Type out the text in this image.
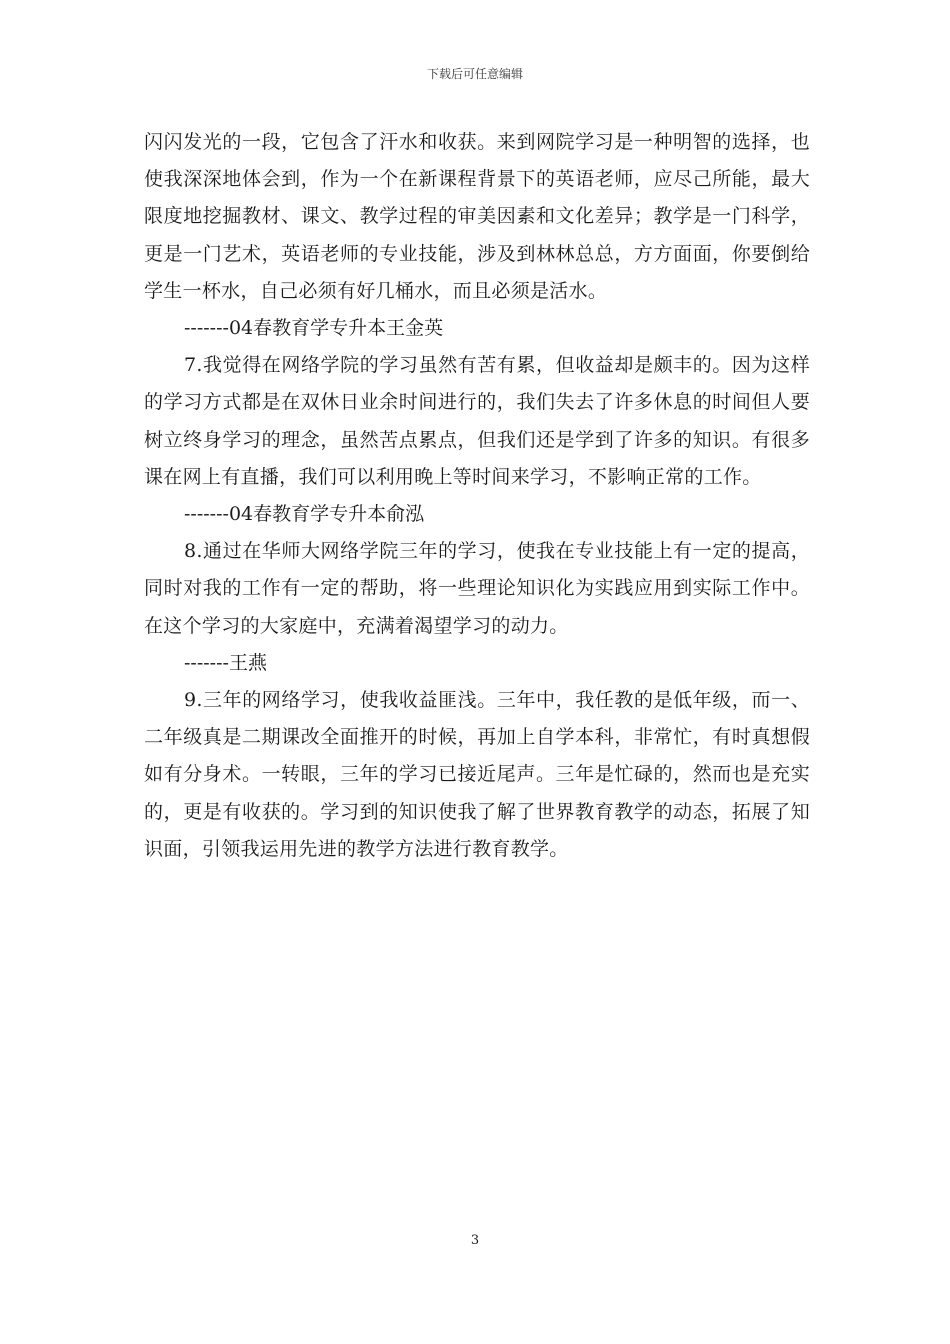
下载后可任意编辑

闪闪发光的一段，它包含了汗水和收获。来到网院学习是一种明智的选择，也使我深深地体会到，作为一个在新课程背景下的英语老师，应尽己所能，最大限度地挖掘教材、课文、教学过程的审美因素和文化差异；教学是一门科学，更是一门艺术，英语老师的专业技能，涉及到林林总总，方方面面，你要倒给学生一杯水，自己必须有好几桶水，而且必须是活水。

-------04春教育学专升本王金英

7.我觉得在网络学院的学习虽然有苦有累，但收益却是颇丰的。因为这样的学习方式都是在双休日业余时间进行的，我们失去了许多休息的时间但人要树立终身学习的理念，虽然苦点累点，但我们还是学到了许多的知识。有很多课在网上有直播，我们可以利用晚上等时间来学习，不影响正常的工作。

-------04春教育学专升本俞泓

8.通过在华师大网络学院三年的学习，使我在专业技能上有一定的提高，同时对我的工作有一定的帮助，将一些理论知识化为实践应用到实际工作中。在这个学习的大家庭中，充满着渴望学习的动力。

-------王燕

9.三年的网络学习，使我收益匪浅。三年中，我任教的是低年级，而一、二年级真是二期课改全面推开的时候，再加上自学本科，非常忙，有时真想假如有分身术。一转眼，三年的学习已接近尾声。三年是忙碌的，然而也是充实的，更是有收获的。学习到的知识使我了解了世界教育教学的动态，拓展了知识面，引领我运用先进的教学方法进行教育教学。

3
